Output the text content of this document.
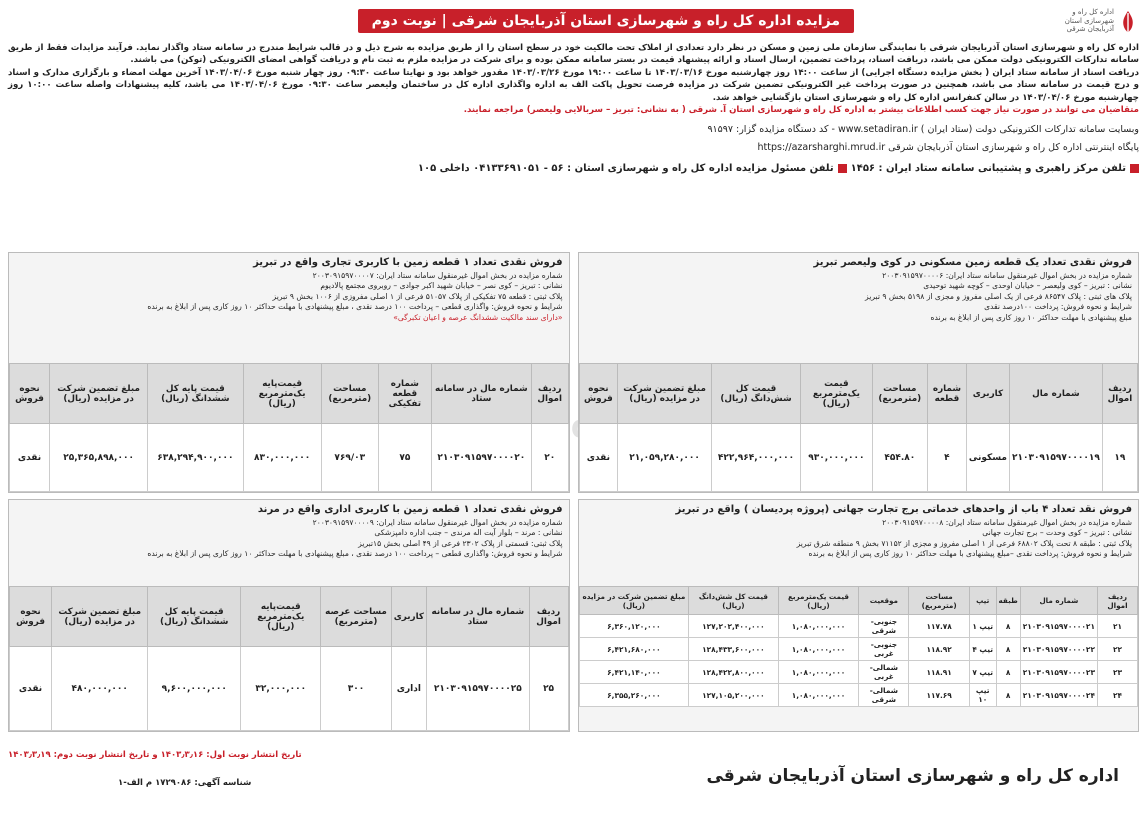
اداره کل راه و شهرسازی استان آذربایجان شرقی
مزایده اداره کل راه و شهرسازی استان آذربایجان شرقی | نوبت دوم

اداره کل راه و شهرسازی استان آذربایجان شرقی با نمایندگی سازمان ملی زمین و مسکن در نظر دارد تعدادی از املاک تحت مالکیت خود در سطح استان را از طریق مزایده به شرح ذیل و در قالب شرایط مندرج در سامانه ستاد واگذار نماید. فرآیند مزایدات فقط از طریق سامانه تدارکات الکترونیکی دولت ممکن می باشد، دریافت اسناد، پرداخت تضمین، ارسال اسناد و ارائه پیشنهاد قیمت در بستر سامانه ممکن بوده و برای شرکت در مزایده ملزم به ثبت نام و دریافت گواهی امضای الکترونیکی (توکن) می باشند.

دریافت اسناد از سامانه ستاد ایران ( بخش مزایده دستگاه اجرایی) از ساعت ۱۴:۰۰ روز چهارشنبه مورخ ۱۴۰۳/۰۳/۱۶ تا ساعت ۱۹:۰۰ مورخ ۱۴۰۳/۰۳/۲۶ مقدور خواهد بود و نهایتا ساعت ۰۹:۳۰ روز چهار شنبه مورخ ۱۴۰۳/۰۴/۰۶ آخرین مهلت امضاء و بارگزاری مدارک و اسناد و درج قیمت در سامانه ستاد می باشد، همچنین در صورت پرداخت غیر الکترونیکی تضمین شرکت در مزایده فرصت تحویل پاکت الف به اداره واگذاری اداره کل در ساختمان ولیعصر ساعت ۰۹:۳۰ مورخ ۱۴۰۳/۰۴/۰۶ می باشد، کلیه پیشنهادات واصله ساعت ۱۰:۰۰ روز چهارشنبه مورخ ۱۴۰۳/۰۴/۰۶ در سالن کنفرانس اداره کل راه و شهرسازی استان بازگشایی خواهد شد.

متقاضیان می توانند در صورت نیاز جهت کسب اطلاعات بیشتر به اداره کل راه و شهرسازی استان آ. شرقی ( به نشانی: تبریز – سربالایی ولیعصر) مراجعه نمایند.

وبسایت سامانه تدارکات الکترونیکی دولت (ستاد ایران ) www.setadiran.ir - کد دستگاه مزایده گزار: ۹۱۵۹۷
پایگاه اینترنتی اداره کل راه و شهرسازی استان آذربایجان شرقی https://azarsharghi.mrud.ir
تلفن مرکز راهبری و پشتیبانی سامانه ستاد ایران : ۱۴۵۶
تلفن مسئول مزایده اداره کل راه و شهرسازی استان : ۵۶ - ۰۴۱۳۳۶۹۱۰۵۱ داخلی ۱۰۵
فروش نقدی تعداد یک قطعه زمین مسکونی در کوی ولیعصر تبریز
شماره مزایده در بخش اموال غیرمنقول سامانه ستاد ایران: ۲۰۰۳۰۹۱۵۹۷۰۰۰۰۶
نشانی : تبریز – کوی ولیعصر – خیابان اوحدی – کوچه شهید توحیدی
پلاک های ثبتی : پلاک ۸۶۵۴۷ فرعی از یک اصلی مفروز و مجزی از ۵۱۹۸ بخش ۹ تبریز
شرایط و نحوه فروش: پرداخت ۱۰۰درصد نقدی
مبلغ پیشنهادی با مهلت حداکثر ۱۰ روز کاری پس از ابلاغ به برنده
ردیف اموال	شماره مال	کاربری	شماره قطعه	مساحت (مترمربع)	قیمت یک‌مترمربع (ریال)	قیمت کل شش‌دانگ (ریال)	مبلغ تضمین شرکت در مزایده (ریال)	نحوه فروش
۱۹	۲۱۰۳۰۹۱۵۹۷۰۰۰۰۱۹	مسکونی	۴	۴۵۴.۸۰	۹۳۰,۰۰۰,۰۰۰	۴۲۲,۹۶۴,۰۰۰,۰۰۰	۲۱,۰۵۹,۲۸۰,۰۰۰	نقدی
فروش نقدی تعداد ۱ قطعه زمین با کاربری تجاری واقع در تبریز
شماره مزایده در بخش اموال غیرمنقول سامانه ستاد ایران: ۲۰۰۳۰۹۱۵۹۷۰۰۰۰۷
نشانی : تبریز – کوی نصر – خیابان شهید اکبر جوادی – روبروی مجتمع پالادیوم
پلاک ثبتی : قطعه ۷۵ تفکیکی از پلاک ۵۱۰۵۷ فرعی از ۱ اصلی مفروزی از ۱۰۰۶ بخش ۹ تبریز
شرایط و نحوه فروش: واگذاری قطعی – پرداخت ۱۰۰ درصد نقدی ، مبلغ پیشنهادی با مهلت حداکثر ۱۰ روز کاری پس از ابلاغ به برنده
«دارای سند مالکیت ششدانگ عرصه و اعیان تکبرگی»
ردیف اموال	شماره مال در سامانه ستاد	شماره قطعه تفکیکی	مساحت (مترمربع)	قیمت‌پایه یک‌مترمربع (ریال)	قیمت پایه کل ششدانگ (ریال)	مبلغ تضمین شرکت در مزایده (ریال)	نحوه فروش
۲۰	۲۱۰۳۰۹۱۵۹۷۰۰۰۰۲۰	۷۵	۷۶۹/۰۳	۸۳۰,۰۰۰,۰۰۰	۶۳۸,۲۹۴,۹۰۰,۰۰۰	۲۵,۳۶۵,۸۹۸,۰۰۰	نقدی
فروش نقد تعداد ۴ باب از واحدهای خدماتی برج تجارت جهانی (پروژه پردیسان ) واقع در تبریز
شماره مزایده در بخش اموال غیرمنقول سامانه ستاد ایران: ۲۰۰۳۰۹۱۵۹۷۰۰۰۰۸
نشانی : تبریز – کوی وحدت – برج تجارت جهانی
پلاک ثبتی : طبقه ۸ تحت پلاک ۶۸۸۰۲ فرعی از ۱ اصلی مفروز و مجزی از ۷۱۱۵۲ بخش ۹ منطقه شرق تبریز
شرایط و نحوه فروش: پرداخت نقدی –مبلغ پیشنهادی با مهلت حداکثر ۱۰ روز کاری پس از ابلاغ به برنده
ردیف اموال	شماره مال	طبقه	تیپ	مساحت (مترمربع)	موقعیت	قیمت یک‌مترمربع (ریال)	قیمت کل شش‌دانگ (ریال)	مبلغ تضمین شرکت در مزایده (ریال)
۲۱	۲۱۰۳۰۹۱۵۹۷۰۰۰۰۲۱	۸	تیپ ۱	۱۱۷.۷۸	جنوبی-شرقی	۱,۰۸۰,۰۰۰,۰۰۰	۱۲۷,۲۰۲,۴۰۰,۰۰۰	۶,۳۶۰,۱۲۰,۰۰۰
۲۲	۲۱۰۳۰۹۱۵۹۷۰۰۰۰۲۲	۸	تیپ ۴	۱۱۸.۹۲	جنوبی-غربی	۱,۰۸۰,۰۰۰,۰۰۰	۱۲۸,۴۳۳,۶۰۰,۰۰۰	۶,۴۲۱,۶۸۰,۰۰۰
۲۳	۲۱۰۳۰۹۱۵۹۷۰۰۰۰۲۳	۸	تیپ ۷	۱۱۸.۹۱	شمالی-غربی	۱,۰۸۰,۰۰۰,۰۰۰	۱۲۸,۴۲۲,۸۰۰,۰۰۰	۶,۴۲۱,۱۴۰,۰۰۰
۲۴	۲۱۰۳۰۹۱۵۹۷۰۰۰۰۲۴	۸	تیپ ۱۰	۱۱۷.۶۹	شمالی-شرقی	۱,۰۸۰,۰۰۰,۰۰۰	۱۲۷,۱۰۵,۲۰۰,۰۰۰	۶,۳۵۵,۲۶۰,۰۰۰
فروش نقدی تعداد ۱ قطعه زمین با کاربری اداری واقع در مرند
شماره مزایده در بخش اموال غیرمنقول سامانه ستاد ایران: ۲۰۰۳۰۹۱۵۹۷۰۰۰۰۹
نشانی : مرند – بلوار آیت اله مرندی – جنب اداره دامپزشکی
پلاک ثبتی: قسمتی از پلاک ۲۳۰۲ فرعی از ۴۹ اصلی بخش ۱۵تبریز
شرایط و نحوه فروش: واگذاری قطعی – پرداخت ۱۰۰ درصد نقدی ، مبلغ پیشنهادی با مهلت حداکثر ۱۰ روز کاری پس از ابلاغ به برنده
ردیف اموال	شماره مال در سامانه ستاد	کاربری	مساحت عرصه (مترمربع)	قیمت‌پایه یک‌مترمربع (ریال)	قیمت پایه کل ششدانگ (ریال)	مبلغ تضمین شرکت در مزایده (ریال)	نحوه فروش
۲۵	۲۱۰۳۰۹۱۵۹۷۰۰۰۰۲۵	اداری	۳۰۰	۳۲,۰۰۰,۰۰۰	۹,۶۰۰,۰۰۰,۰۰۰	۴۸۰,۰۰۰,۰۰۰	نقدی
تاریخ انتشار نوبت اول: ۱۴۰۳٫۳٫۱۶ و تاریخ انتشار نوبت دوم: ۱۴۰۳٫۳٫۱۹
شناسه آگهی: ۱۷۲۹۰۸۶ م الف-۱	اداره کل راه و شهرسازی استان آذربایجان شرقی
